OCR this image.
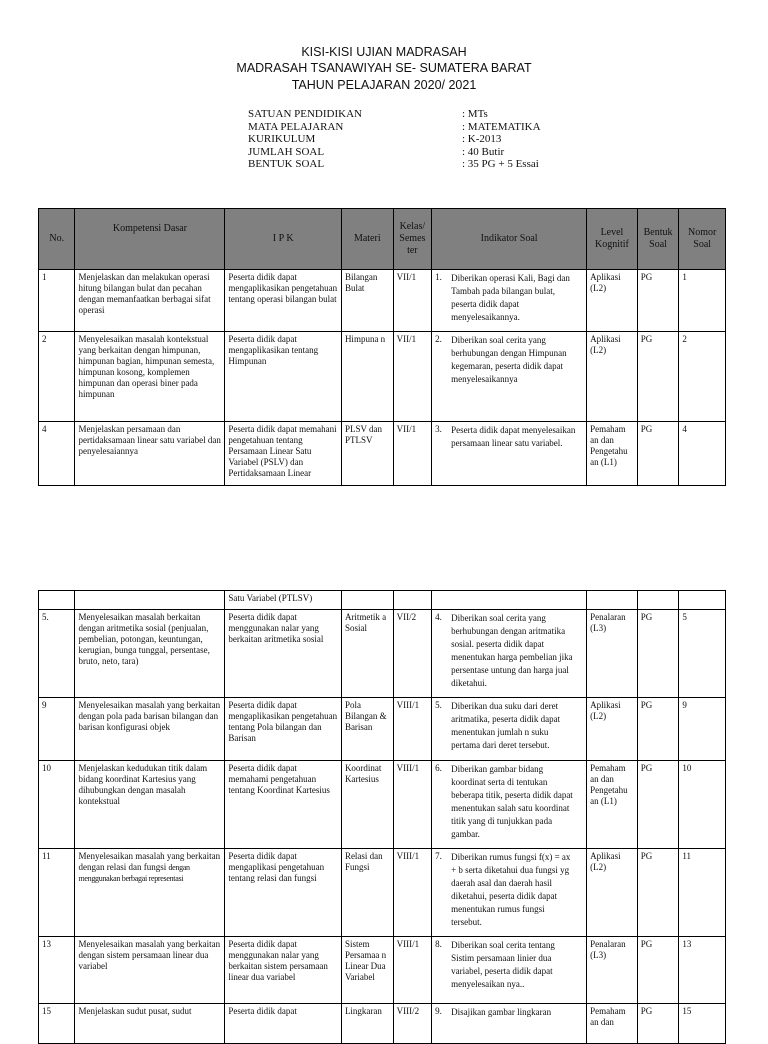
KISI-KISI UJIAN MADRASAH
MADRASAH TSANAWIYAH SE- SUMATERA BARAT
TAHUN PELAJARAN 2020/ 2021
SATUAN PENDIDIKAN	: MTs
MATA PELAJARAN	: MATEMATIKA
KURIKULUM	: K-2013
JUMLAH SOAL	: 40 Butir
BENTUK SOAL	: 35 PG + 5 Essai
No.	Kompetensi Dasar	I P K	Materi	Kelas/ Semes ter	Indikator Soal	Level Kognitif	Bentuk Soal	Nomor Soal
1	Menjelaskan dan melakukan operasi hitung bilangan bulat dan pecahan dengan memanfaatkan berbagai sifat operasi	Peserta didik dapat mengaplikasikan pengetahuan tentang operasi bilangan bulat	Bilangan Bulat	VII/1	1. Diberikan operasi Kali, Bagi dan Tambah pada bilangan bulat, peserta didik dapat menyelesaikannya.	Aplikasi (L2)	PG	1
2	Menyelesaikan masalah kontekstual yang berkaitan dengan himpunan, himpunan bagian, himpunan semesta, himpunan kosong, komplemen himpunan dan operasi biner pada himpunan	Peserta didik dapat mengaplikasikan tentang Himpunan	Himpuna n	VII/1	2. Diberikan soal cerita yang berhubungan dengan Himpunan kegemaran, peserta didik dapat menyelesaikannya	Aplikasi (L2)	PG	2
4	Menjelaskan persamaan dan pertidaksamaan linear satu variabel dan penyelesaiannya	Peserta didik dapat memahani pengetahuan tentang Persamaan Linear Satu Variabel (PSLV) dan Pertidaksamaan Linear	PLSV dan PTLSV	VII/1	3. Peserta didik dapat menyelesaikan persamaan linear satu variabel.	Pemaham an dan Pengetahu an (L1)	PG	4
		Satu Variabel (PTLSV)						
5.	Menyelesaikan masalah berkaitan dengan aritmetika sosial (penjualan, pembelian, potongan, keuntungan, kerugian, bunga tunggal, persentase, bruto, neto, tara)	Peserta didik dapat menggunakan nalar yang berkaitan aritmetika sosial	Aritmetik a Sosial	VII/2	4. Diberikan soal cerita yang berhubungan dengan aritmatika sosial. peserta didik dapat menentukan harga pembelian jika persentase untung dan harga jual diketahui.	Penalaran (L3)	PG	5
9	Menyelesaikan masalah yang berkaitan dengan pola pada barisan bilangan dan barisan konfigurasi objek	Peserta didik dapat mengaplikasikan pengetahuan tentang Pola bilangan dan Barisan	Pola Bilangan & Barisan	VIII/1	5. Diberikan dua suku dari deret aritmatika, peserta didik dapat menentukan jumlah n suku pertama dari deret tersebut.	Aplikasi (L2)	PG	9
10	Menjelaskan kedudukan titik dalam bidang koordinat Kartesius yang dihubungkan dengan masalah kontekstual	Peserta didik dapat memahami pengetahuan tentang Koordinat Kartesius	Koordinat Kartesius	VIII/1	6. Diberikan gambar bidang koordinat serta di tentukan beberapa titik, peserta didik dapat menentukan salah satu koordinat titik yang di tunjukkan pada gambar.	Pemaham an dan Pengetahu an (L1)	PG	10
11	Menyelesaikan masalah yang berkaitan dengan relasi dan fungsi dengan menggunakan berbagai representasi	Peserta didik dapat mengaplikasi pengetahuan tentang relasi dan fungsi	Relasi dan Fungsi	VIII/1	7. Diberikan rumus fungsi f(x) = ax + b serta diketahui dua fungsi yg daerah asal dan daerah hasil diketahui, peserta didik dapat menentukan rumus fungsi tersebut.	Aplikasi (L2)	PG	11
13	Menyelesaikan masalah yang berkaitan dengan sistem persamaan linear dua variabel	Peserta didik dapat menggunakan nalar yang berkaitan sistem persamaan linear dua variabel	Sistem Persamaa n Linear Dua Variabel	VIII/1	8. Diberikan soal cerita tentang Sistim persamaan linier dua variabel, peserta didik dapat menyelesaikan nya..	Penalaran (L3)	PG	13
15	Menjelaskan sudut pusat, sudut	Peserta didik dapat	Lingkaran	VIII/2	9. Disajikan gambar lingkaran	Pemaham an dan	PG	15
